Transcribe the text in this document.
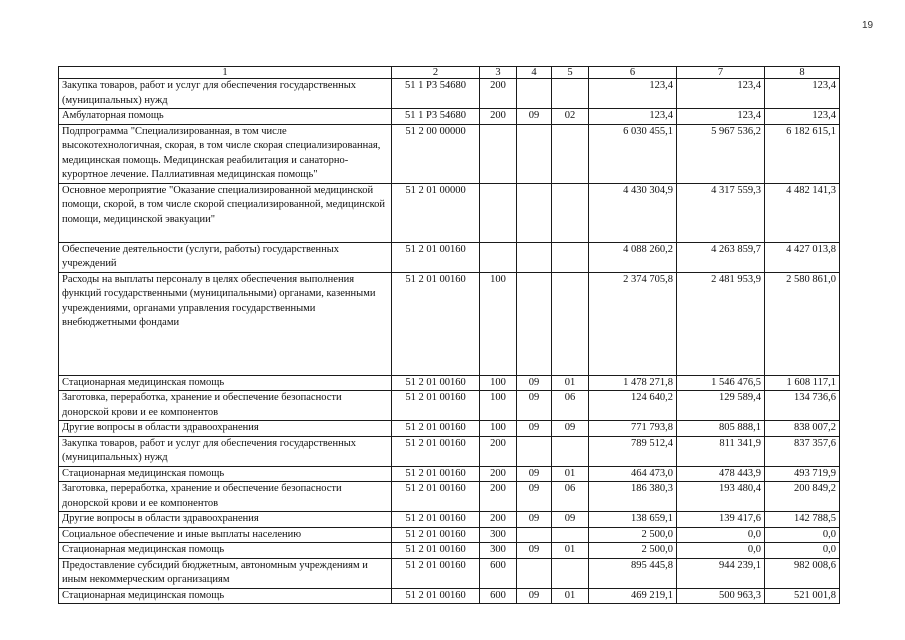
19
1	2	3	4	5	6	7	8
Закупка товаров, работ и услуг для обеспечения государственных (муниципальных) нужд	51 1 P3 54680	200			123,4	123,4	123,4
Амбулаторная помощь	51 1 P3 54680	200	09	02	123,4	123,4	123,4
Подпрограмма "Специализированная, в том числе высокотехнологичная, скорая, в том числе скорая специализированная, медицинская помощь. Медицинская реабилитация и санаторно-курортное лечение. Паллиативная медицинская помощь"	51 2 00 00000				6 030 455,1	5 967 536,2	6 182 615,1
Основное мероприятие "Оказание специализированной медицинской помощи, скорой, в том числе скорой специализированной, медицинской помощи, медицинской эвакуации"	51 2 01 00000				4 430 304,9	4 317 559,3	4 482 141,3
Обеспечение деятельности (услуги, работы) государственных учреждений	51 2 01 00160				4 088 260,2	4 263 859,7	4 427 013,8
Расходы на выплаты персоналу в целях обеспечения выполнения функций государственными (муниципальными) органами, казенными учреждениями, органами управления государственными внебюджетными фондами	51 2 01 00160	100			2 374 705,8	2 481 953,9	2 580 861,0
Стационарная медицинская помощь	51 2 01 00160	100	09	01	1 478 271,8	1 546 476,5	1 608 117,1
Заготовка, переработка, хранение и обеспечение безопасности донорской крови и ее компонентов	51 2 01 00160	100	09	06	124 640,2	129 589,4	134 736,6
Другие вопросы в области здравоохранения	51 2 01 00160	100	09	09	771 793,8	805 888,1	838 007,2
Закупка товаров, работ и услуг для обеспечения государственных (муниципальных) нужд	51 2 01 00160	200			789 512,4	811 341,9	837 357,6
Стационарная медицинская помощь	51 2 01 00160	200	09	01	464 473,0	478 443,9	493 719,9
Заготовка, переработка, хранение и обеспечение безопасности донорской крови и ее компонентов	51 2 01 00160	200	09	06	186 380,3	193 480,4	200 849,2
Другие вопросы в области здравоохранения	51 2 01 00160	200	09	09	138 659,1	139 417,6	142 788,5
Социальное обеспечение и иные выплаты населению	51 2 01 00160	300			2 500,0	0,0	0,0
Стационарная медицинская помощь	51 2 01 00160	300	09	01	2 500,0	0,0	0,0
Предоставление субсидий бюджетным, автономным учреждениям и иным некоммерческим организациям	51 2 01 00160	600			895 445,8	944 239,1	982 008,6
Стационарная медицинская помощь	51 2 01 00160	600	09	01	469 219,1	500 963,3	521 001,8
